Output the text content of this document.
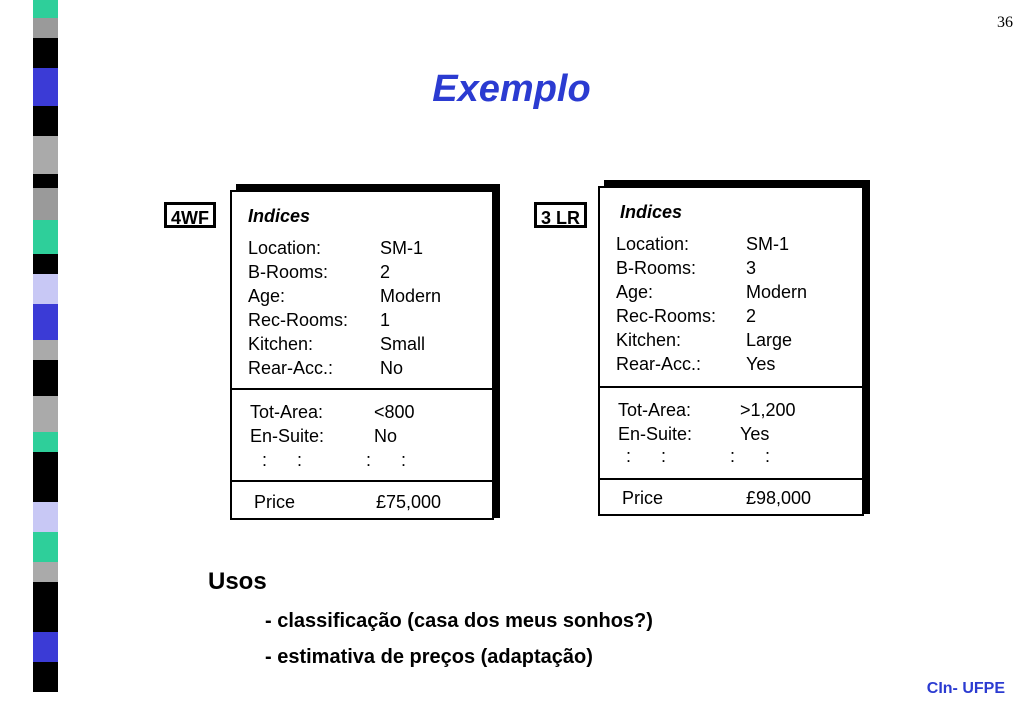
36
Exemplo
Indices
Location:	SM-1
B-Rooms:	2
Age:	Modern
Rec-Rooms: 1
Kitchen:	Small
Rear-Acc.:	No
Tot-Area:	<800
En-Suite:	No
:      :	:      :
Price	£75,000
4WF	Indices
Location:	SM-1
B-Rooms:	3
Age:	Modern
Rec-Rooms: 2
Kitchen:	Large
Rear-Acc.: Yes
Tot-Area:	>1,200
En-Suite:	Yes
:      :	:      :
Price	£98,000
3 LR
Usos
- classificação (casa dos meus sonhos?)
- estimativa de preços (adaptação)
CIn- UFPE
